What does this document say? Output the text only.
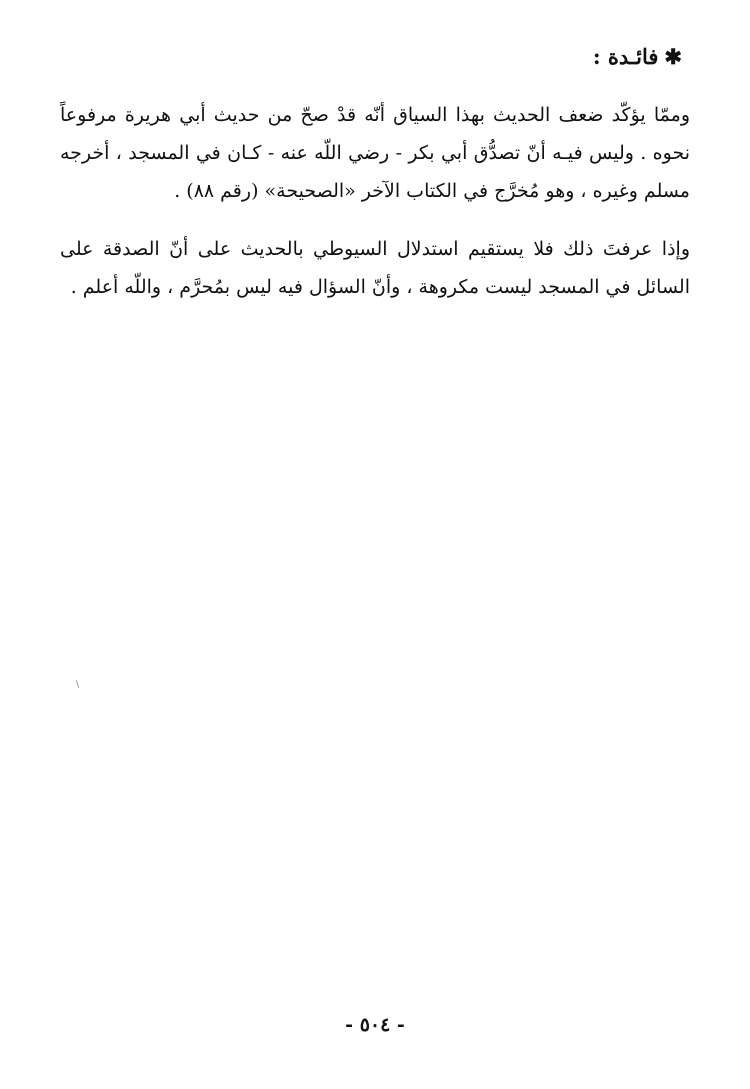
✱فائـدة :
وممّا يؤكّد ضعف الحديث بهذا السياق أنّه قدْ صحّ من حديث أبي هريرة مرفوعاً
نحوه . وليس فيـه أنّ تصدُّق أبي بكر - رضي اللّه عنه - كـان في المسجد ، أخرجه
مسلم وغيره ، وهو مُخرَّج في الكتاب الآخر «الصحيحة» (رقم ٨٨) .
وإذا عرفتَ ذلك فلا يستقيم استدلال السيوطي بالحديث على أنّ الصدقة على
السائل في المسجد ليست مكروهة ، وأنّ السؤال فيه ليس بمُحرَّم ، واللّه أعلم .
- ٥٠٤ -
